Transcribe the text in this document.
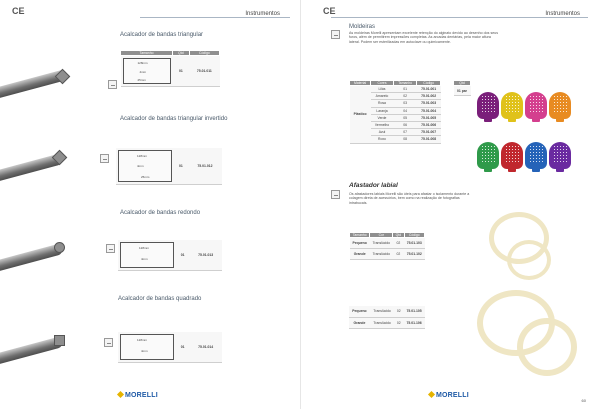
CE	Instrumentos
Acalcador de bandas triangular
Tamanho	Qtd	Código

128mm
4mm
25mm	01	75.01.011
Acalcador de bandas triangular invertido
128mm
4mm
25mm
	01	75.01.012
Acalcador de bandas redondo
128mm
4mm
	01	75.01.013
Acalcador de bandas quadrado
128mm
4mm
	01	75.01.014
MORELLI
CE	Instrumentos
Moldeiras

As moldeiras Morelli apresentam excelente retenção do alginato devido ao desenho dos seus furos, além de permitirem impressões completas. As arcadas dentárias, pela maior altura lateral. Podem ser esterilizadas em autoclave ou quimicamente.

Material	Cores	Tamanho	Código
Plástico	Lilás	01	75.01.001
	Amarelo	02	75.01.002
	Rosa	03	75.01.003
	Laranja	04	75.01.004
	Verde	05	75.01.005
	Vermelho	06	75.01.006
	Azul	07	75.01.007
	Roxo	08	75.01.008
Qtd
01 par
Afastador labial

Os afastadores labiais Morelli são úteis para afastar o isolamento durante a colagem direta de acessórios, bem como na realização de fotografias intrabucais.

Tamanho	Cor	Qtd	Código
Pequeno	Translúcido	02	75.01.103
Grande	Translúcido	02	75.01.102
Pequeno	Translúcido	02	75.01.105
Grande	Translúcido	02	75.01.106
MORELLI
60
